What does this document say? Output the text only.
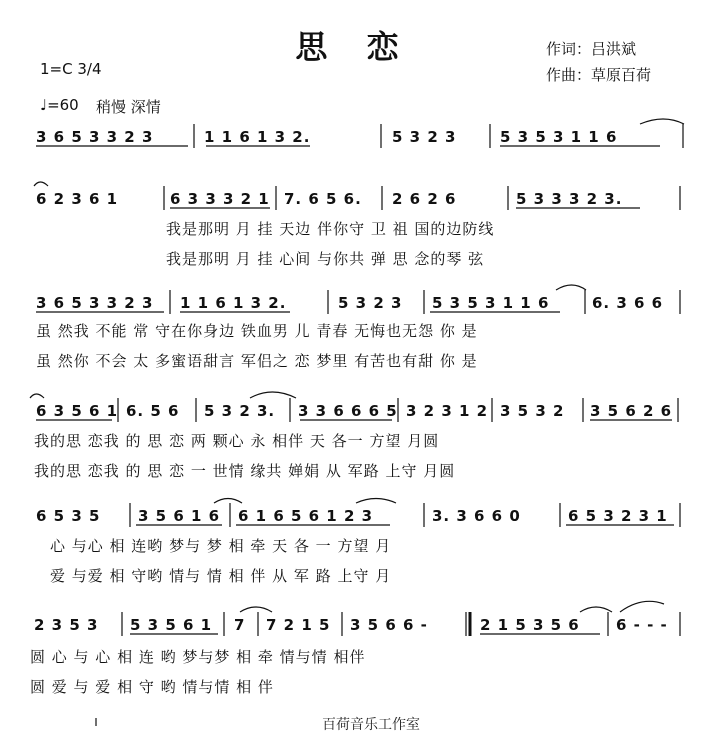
思 恋
1=C 3/4
♩=60 稍慢 深情
作词：吕洪斌
作曲：草原百荷
3 6 5 3 3 2 3	1 1 6 1 3 2.	5 3 2 3	5 3 5 3 1 1 6
6 2 3 6 1	6 3 3 3 2 1 7. 6 5 6. 2 6 2 6	5 3 3 3 2 3.
我是那明 月 挂 天边 伴你守 卫 祖 国的边防线
我是那明 月 挂 心间 与你共 弹 思 念的琴 弦
3 6 5 3 3 2 3 1 1 6 1 3 2.	5 3 2 3 5 3 5 3 1 1 6	6. 3 6 6
虽 然我 不能 常 守在你身边 铁血男 儿 青春 无悔也无怨 你 是
虽 然你 不会 太 多蜜语甜言 军侣之 恋 梦里 有苦也有甜 你 是
6 3 5 6 1 6. 5 6 5 3 2 3. 3 3 6 6 6 5 3 2 3 1 2 3 5 3 2 3 5 6 2 6
我的思 恋我 的 思 恋 两 颗心 永 相伴 天 各一 方望 月圆
我的思 恋我 的 思 恋 一 世情 缘共 婵娟 从 军路 上守 月圆
6 5 3 5	3 5 6 1 6 6 1 6 5 6 1 2 3	3. 3 6 6 0	6 5 3 2 3 1
心 与心 相 连哟 梦与 梦 相 牵 天 各 一 方望 月
爱 与爱 相 守哟 情与 情 相 伴 从 军 路 上守 月
2 3 5 3 5 3 5 6 1 7 7 2 1 5 3 5 6 6 -	2 1 5 3 5 6 6 - - -
圆 心 与 心 相 连 哟 梦与梦 相 牵 情与情 相伴
圆 爱 与 爱 相 守 哟 情与情 相 伴
百荷音乐工作室
